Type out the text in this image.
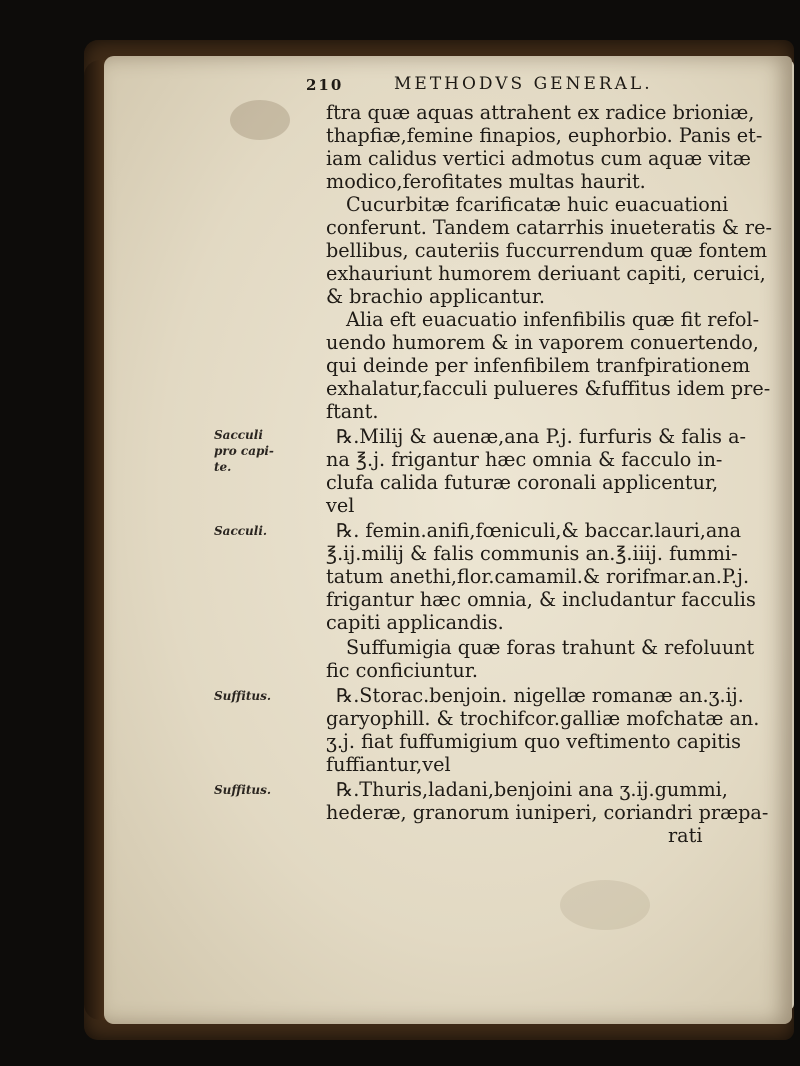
210	METHODVS GENERAL.
ftra quæ aquas attrahent ex radice brioniæ,
thapfiæ,femine finapios, euphorbio. Panis et-
iam calidus vertici admotus cum aquæ vitæ
modico,ferofitates multas haurit.
Cucurbitæ fcarificatæ huic euacuationi
conferunt. Tandem catarrhis inueteratis & re-
bellibus, cauteriis fuccurrendum quæ fontem
exhauriunt humorem deriuant capiti, ceruici,
& brachio applicantur.
Alia eft euacuatio infenfibilis quæ fit refol-
uendo humorem & in vaporem conuertendo,
qui deinde per infenfibilem tranfpirationem
exhalatur,facculi pulueres &fuffitus idem pre-
ftant.
℞.Milij & auenæ,ana P.j. furfuris & falis a-
na ℥.j. frigantur hæc omnia & facculo in-
clufa calida futuræ coronali applicentur,
vel
℞. femin.anifi,fœniculi,& baccar.lauri,ana
℥.ij.milij & falis communis an.℥.iiij. fummi-
tatum anethi,flor.camamil.& rorifmar.an.P.j.
frigantur hæc omnia, & includantur facculis
capiti applicandis.
Suffumigia quæ foras trahunt & refoluunt
fic conficiuntur.
℞.Storac.benjoin. nigellæ romanæ an.ʒ.ij.
garyophill. & trochifcor.galliæ mofchatæ an.
ʒ.j. fiat fuffumigium quo veftimento capitis
fuffiantur,vel
℞.Thuris,ladani,benjoini ana ʒ.ij.gummi,
hederæ, granorum iuniperi, coriandri præpa-
rati
Sacculi
pro capi-
te.
Sacculi.
Suffitus.
Suffitus.
